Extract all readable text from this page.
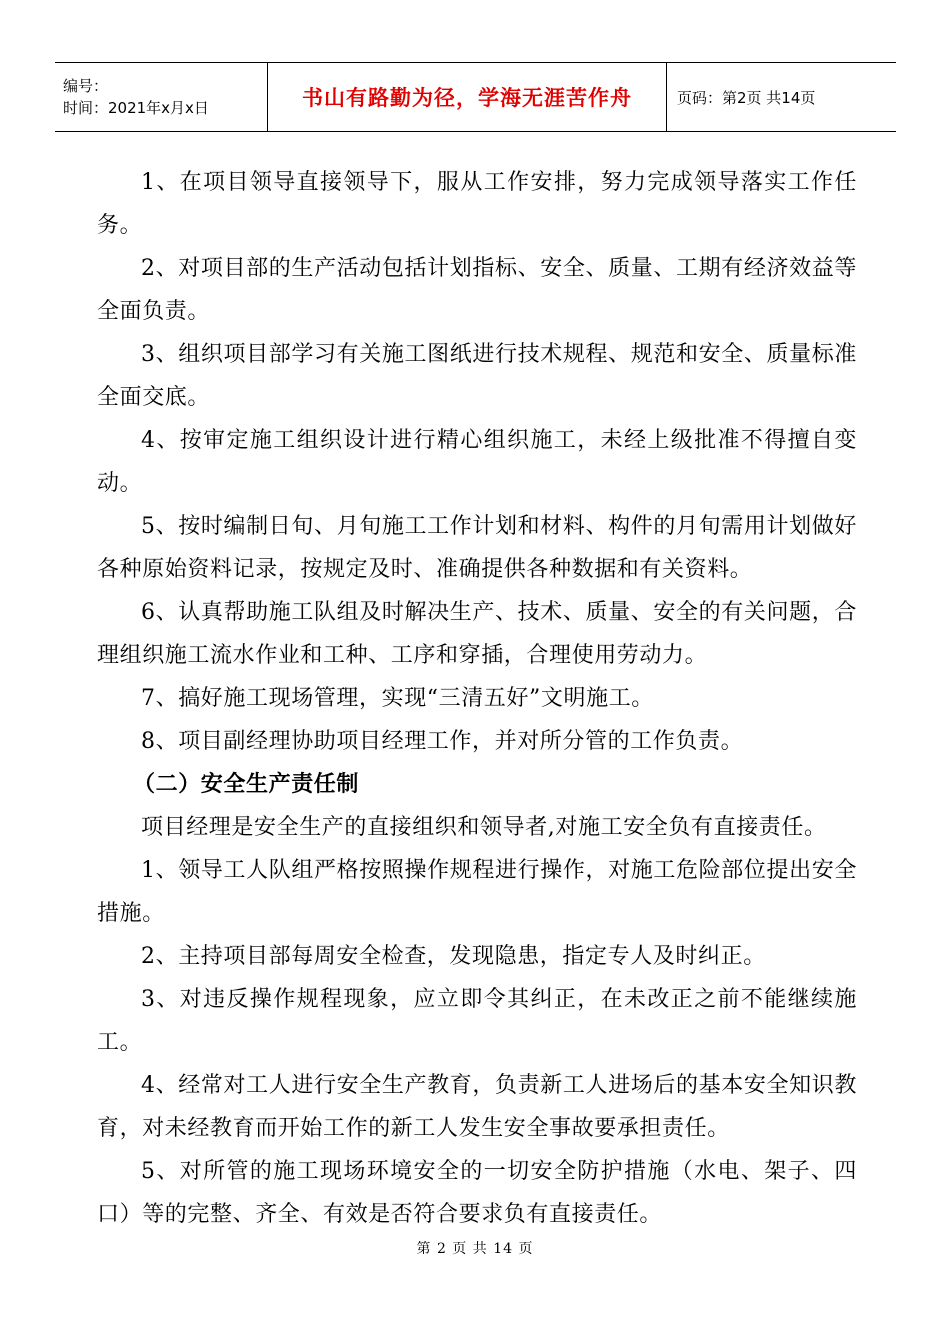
编号：
时间：2021年x月x日	书山有路勤为径，学海无涯苦作舟	页码：第2页 共14页

1、在项目领导直接领导下，服从工作安排，努力完成领导落实工作任务。

2、对项目部的生产活动包括计划指标、安全、质量、工期有经济效益等全面负责。

3、组织项目部学习有关施工图纸进行技术规程、规范和安全、质量标准全面交底。

4、按审定施工组织设计进行精心组织施工，未经上级批准不得擅自变动。

5、按时编制日旬、月旬施工工作计划和材料、构件的月旬需用计划做好各种原始资料记录，按规定及时、准确提供各种数据和有关资料。

6、认真帮助施工队组及时解决生产、技术、质量、安全的有关问题，合理组织施工流水作业和工种、工序和穿插，合理使用劳动力。

7、搞好施工现场管理，实现“三清五好”文明施工。

8、项目副经理协助项目经理工作，并对所分管的工作负责。

（二）安全生产责任制

项目经理是安全生产的直接组织和领导者,对施工安全负有直接责任。

1、领导工人队组严格按照操作规程进行操作，对施工危险部位提出安全措施。

2、主持项目部每周安全检查，发现隐患，指定专人及时纠正。

3、对违反操作规程现象，应立即令其纠正，在未改正之前不能继续施工。

4、经常对工人进行安全生产教育，负责新工人进场后的基本安全知识教育，对未经教育而开始工作的新工人发生安全事故要承担责任。

5、对所管的施工现场环境安全的一切安全防护措施（水电、架子、四口）等的完整、齐全、有效是否符合要求负有直接责任。

第 2 页 共 14 页
